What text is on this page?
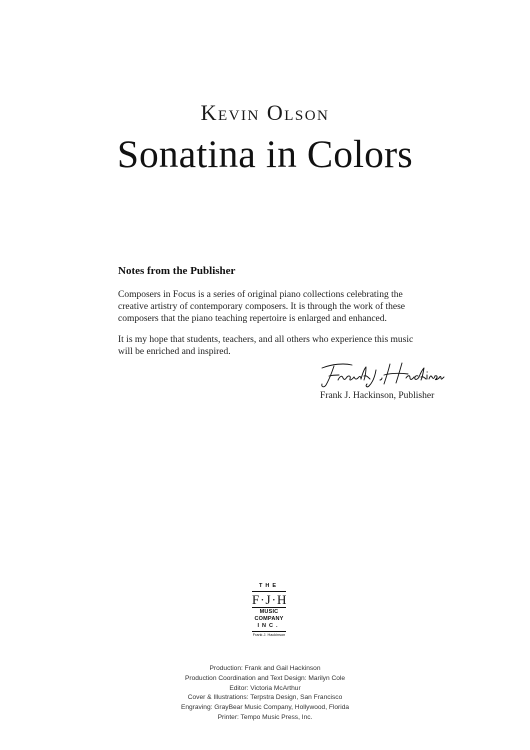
Kevin Olson
Sonatina in Colors
Notes from the Publisher

Composers in Focus is a series of original piano collections celebrating the creative artistry of contemporary composers. It is through the work of these composers that the piano teaching repertoire is enlarged and enhanced.

It is my hope that students, teachers, and all others who experience this music will be enriched and inspired.

Frank J. Hackinson, Publisher
THE
F·J·H
MUSIC
COMPANY
INC.
Frank J. Hackinson
Production: Frank and Gail Hackinson
Production Coordination and Text Design: Marilyn Cole
Editor: Victoria McArthur
Cover & Illustrations: Terpstra Design, San Francisco
Engraving: GrayBear Music Company, Hollywood, Florida
Printer: Tempo Music Press, Inc.
